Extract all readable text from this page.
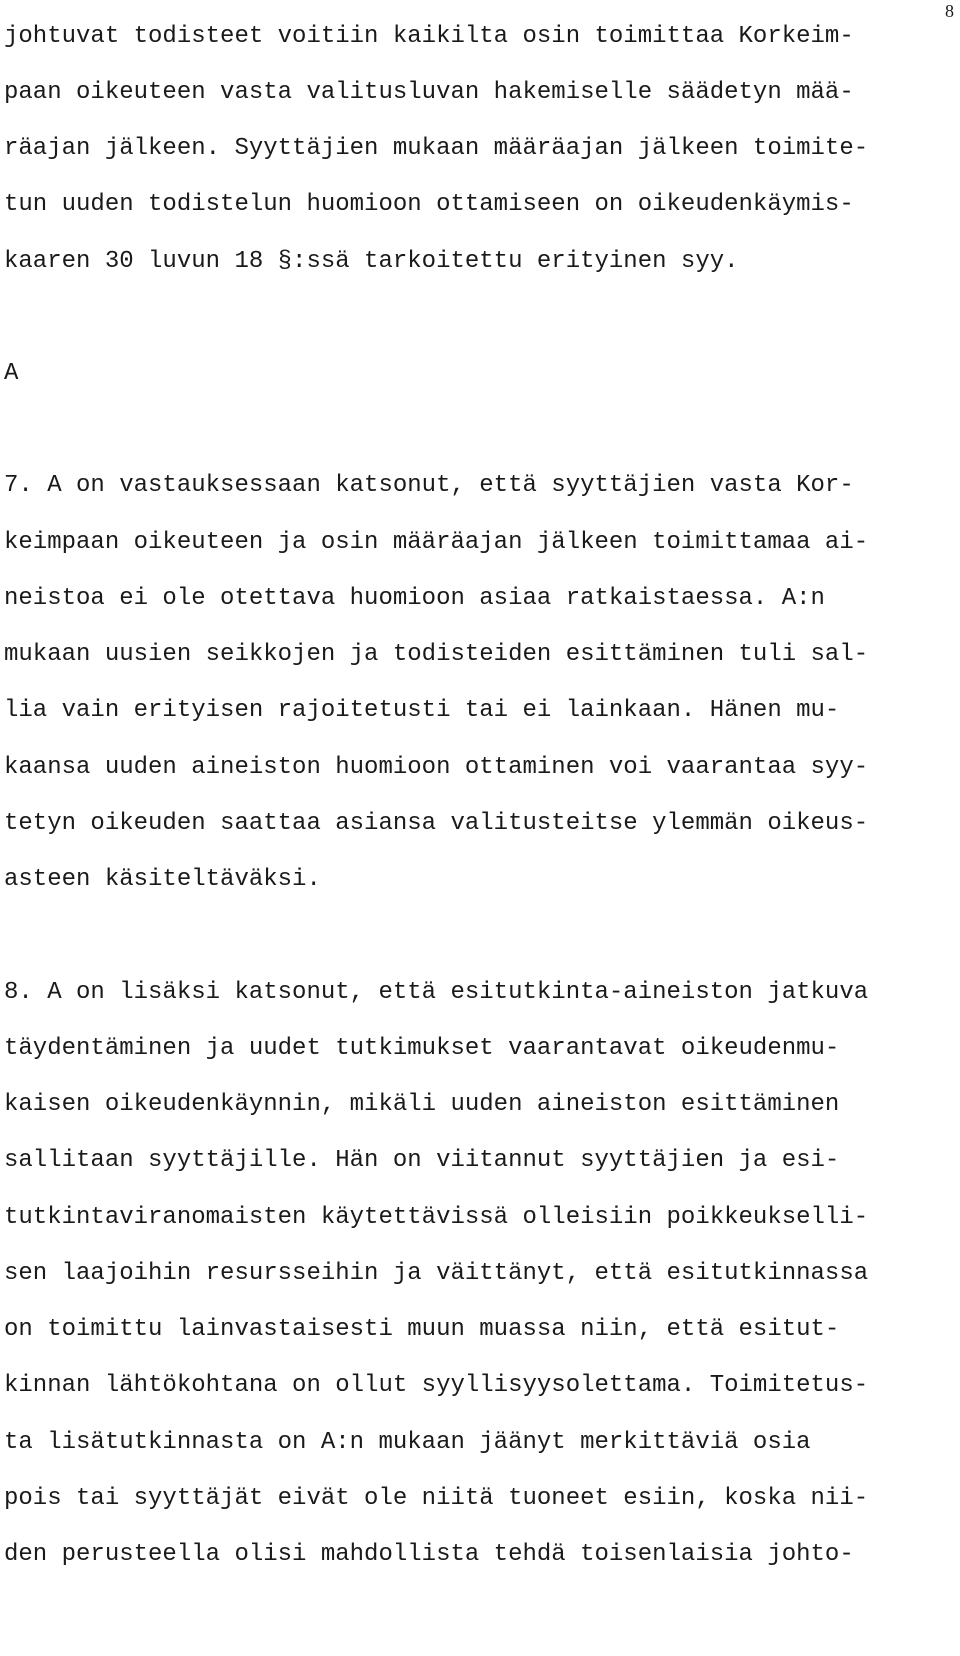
8

johtuvat todisteet voitiin kaikilta osin toimittaa Korkeim-

paan oikeuteen vasta valitusluvan hakemiselle säädetyn mää-

räajan jälkeen. Syyttäjien mukaan määräajan jälkeen toimite-

tun uuden todistelun huomioon ottamiseen on oikeudenkäymis-

kaaren 30 luvun 18 §:ssä tarkoitettu erityinen syy.

A

7. A on vastauksessaan katsonut, että syyttäjien vasta Kor-

keimpaan oikeuteen ja osin määräajan jälkeen toimittamaa ai-

neistoa ei ole otettava huomioon asiaa ratkaistaessa. A:n

mukaan uusien seikkojen ja todisteiden esittäminen tuli sal-

lia vain erityisen rajoitetusti tai ei lainkaan. Hänen mu-

kaansa uuden aineiston huomioon ottaminen voi vaarantaa syy-

tetyn oikeuden saattaa asiansa valitusteitse ylemmän oikeus-

asteen käsiteltäväksi.

8. A on lisäksi katsonut, että esitutkinta-aineiston jatkuva

täydentäminen ja uudet tutkimukset vaarantavat oikeudenmu-

kaisen oikeudenkäynnin, mikäli uuden aineiston esittäminen

sallitaan syyttäjille. Hän on viitannut syyttäjien ja esi-

tutkintaviranomaisten käytettävissä olleisiin poikkeukselli-

sen laajoihin resursseihin ja väittänyt, että esitutkinnassa

on toimittu lainvastaisesti muun muassa niin, että esitut-

kinnan lähtökohtana on ollut syyllisyysolettama. Toimitetus-

ta lisätutkinnasta on A:n mukaan jäänyt merkittäviä osia

pois tai syyttäjät eivät ole niitä tuoneet esiin, koska nii-

den perusteella olisi mahdollista tehdä toisenlaisia johto-
